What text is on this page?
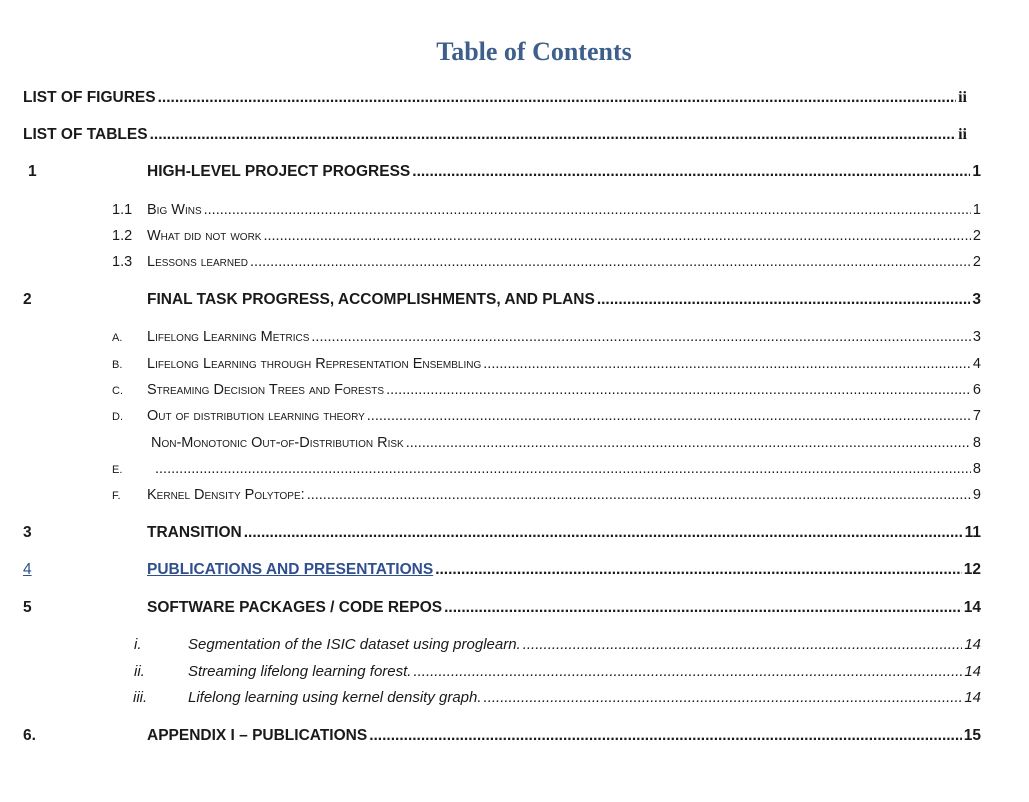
Table of Contents
LIST OF FIGURES .....	ii
LIST OF TABLES .....	ii
1	HIGH-LEVEL PROJECT PROGRESS .....	1
1.1 Big Wins .....	1
1.2 What did not work .....	2
1.3 Lessons learned .....	2
2	FINAL TASK PROGRESS, ACCOMPLISHMENTS, AND PLANS .....	3
A. Lifelong Learning Metrics .....	3
B. Lifelong Learning through Representation Ensembling .....	4
C. Streaming Decision Trees and Forests .....	6
D. Out of distribution learning theory .....	7
Non-Monotonic Out-of-Distribution Risk .....	8
E. .....	8
F. Kernel Density Polytope: .....	9
3	TRANSITION .....	11
4	PUBLICATIONS AND PRESENTATIONS .....	12
5	SOFTWARE PACKAGES / CODE REPOS .....	14
i.	Segmentation of the ISIC dataset using proglearn. .....	14
ii.	Streaming lifelong learning forest. .....	14
iii.	Lifelong learning using kernel density graph. .....	14
6.	APPENDIX I – PUBLICATIONS .....	15
